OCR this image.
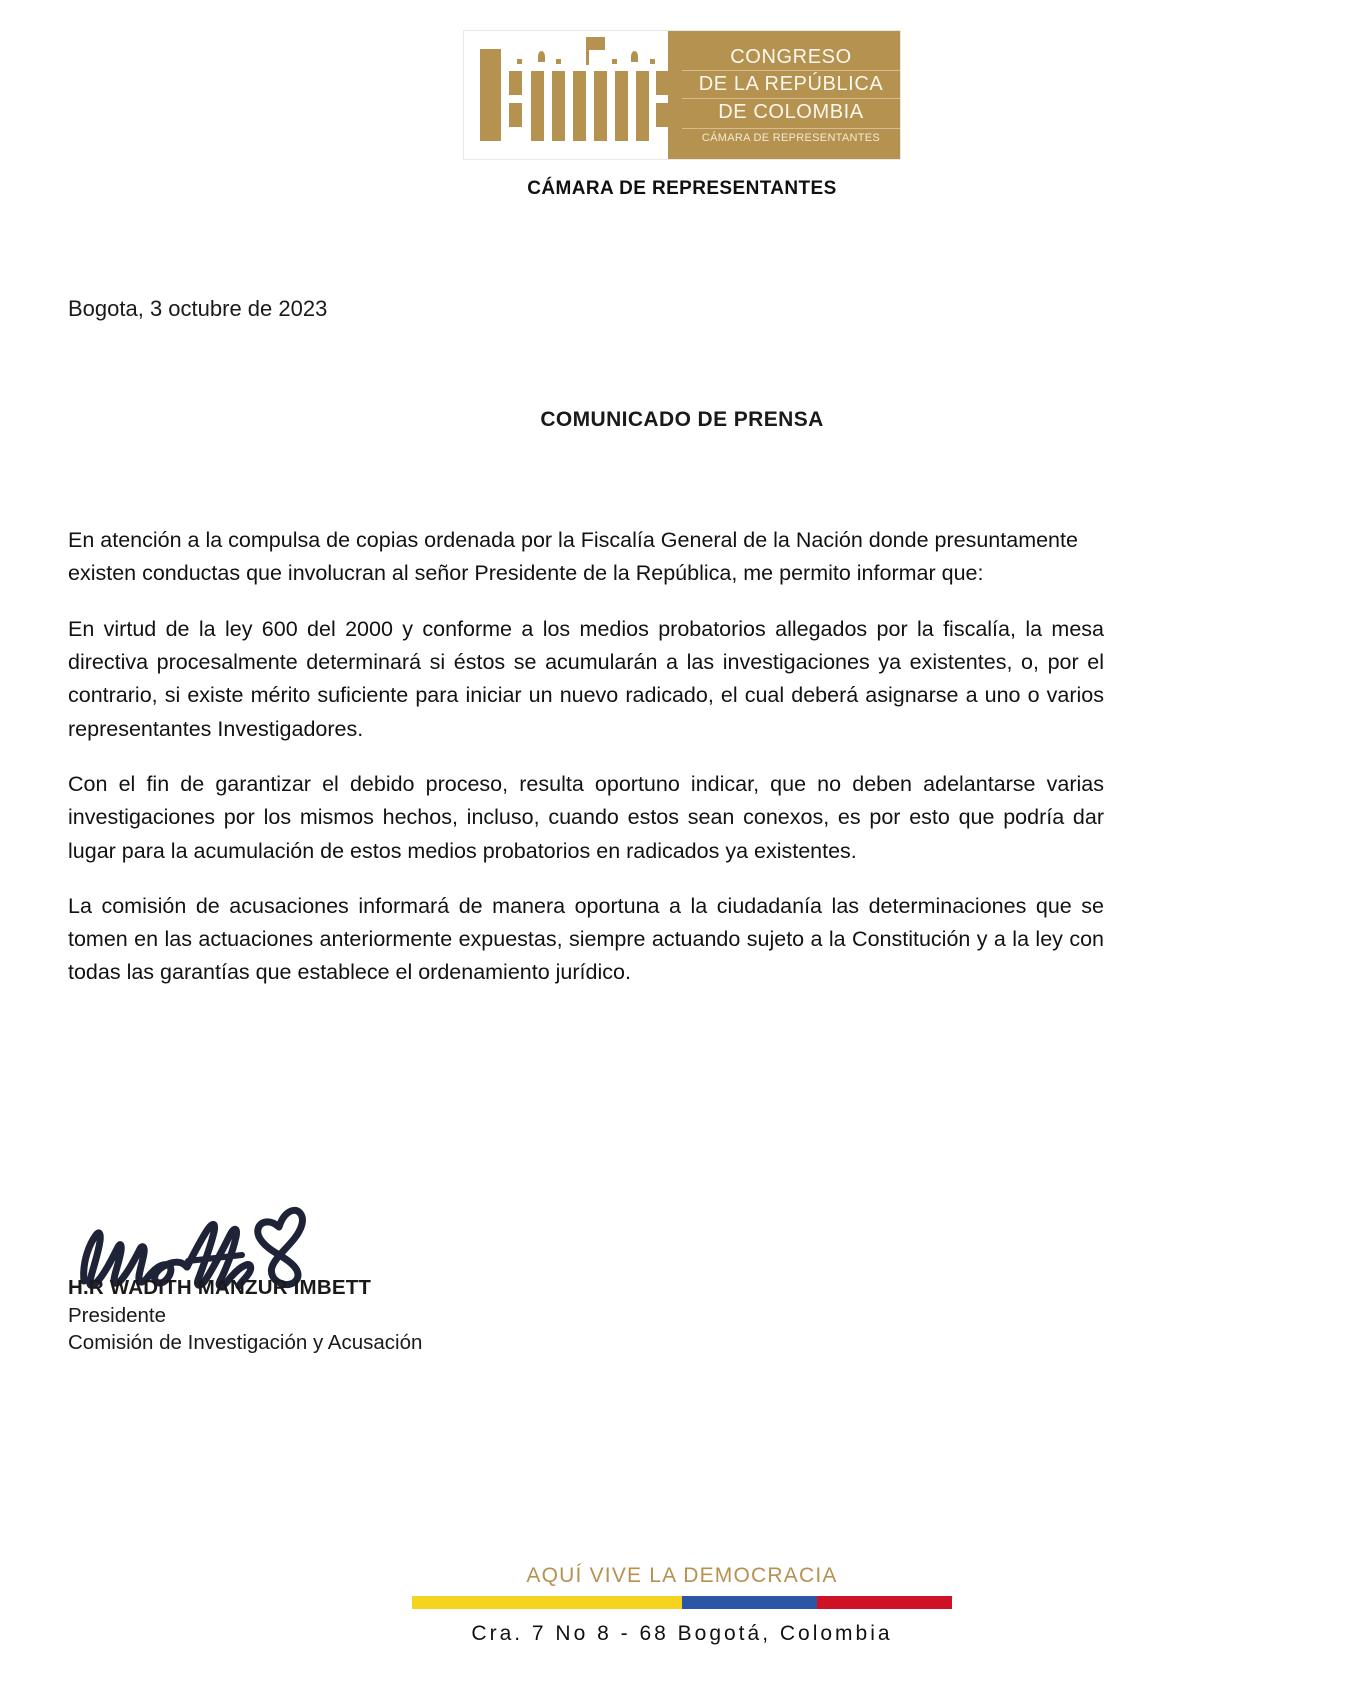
CONGRESO
DE LA REPÚBLICA
DE COLOMBIA
CÁMARA DE REPRESENTANTES
CÁMARA DE REPRESENTANTES
Bogota, 3 octubre de 2023
COMUNICADO DE PRENSA

En atención a la compulsa de copias ordenada por la Fiscalía General de la Nación donde presuntamente existen conductas que involucran al señor Presidente de la República, me permito informar que:

En virtud de la ley 600 del 2000 y conforme a los medios probatorios allegados por la fiscalía, la mesa directiva procesalmente determinará si éstos se acumularán a las investigaciones ya existentes, o, por el contrario, si existe mérito suficiente para iniciar un nuevo radicado, el cual deberá asignarse a uno o varios representantes Investigadores.

Con el fin de garantizar el debido proceso, resulta oportuno indicar, que no deben adelantarse varias investigaciones por los mismos hechos, incluso, cuando estos sean conexos, es por esto que podría dar lugar para la acumulación de estos medios probatorios en radicados ya existentes.

La comisión de acusaciones informará de manera oportuna a la ciudadanía las determinaciones que se tomen en las actuaciones anteriormente expuestas, siempre actuando sujeto a la Constitución y a la ley con todas las garantías que establece el ordenamiento jurídico.

H.R WADITH MANZUR IMBETT
Presidente
Comisión de Investigación y Acusación
AQUÍ VIVE LA DEMOCRACIA
Cra. 7 No 8 - 68 Bogotá, Colombia
